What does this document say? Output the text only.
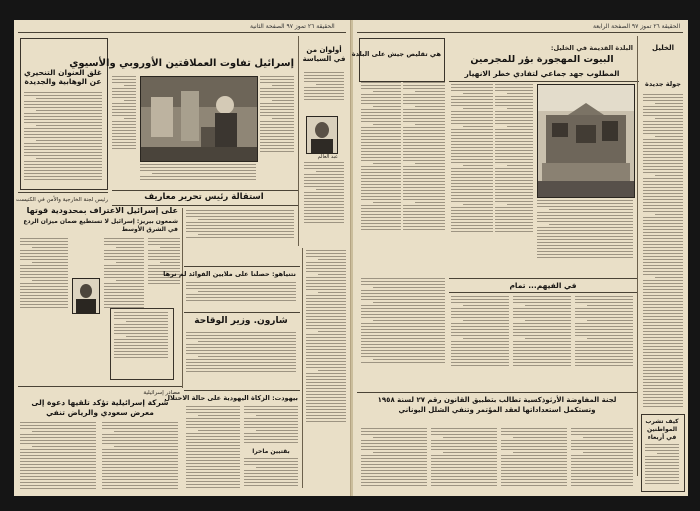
الحقيقة ٢٦ تموز ٩٧ الصفحة الثانية
غلق العنوان التنحيري عن الوهابية والجديدة
إسرائيل تفاوت العملاقتين الأوروبي والأسيوي
أولوان من في السياسة
عبد العالم
استقالة رئيس تحرير معاريف
رئيس لجنة الخارجية والأمن في الكنيست
على إسرائيل الاعتراف بمحدودية قوتها
شمعون بيريز: إسرائيل لا تستطيع ضمان ميزان الردع في الشرق الأوسط
نتنياهو: حصلنا على ملايين الفوائد لم نرها
شارون. وزير الوقاحة
مصادر إسرائيلية
شركة إسرائيلية تؤكد تلقيها دعوة إلى معرض سعودي والرياض تنفي
بيهودت: الزكاة اليهودية على حالة الاحتلال
بقتيين ماحرا
الحقيقة ٢٦ تموز ٩٧ الصفحة الرابعة
هي تقليص جيش على البلدة
البلدة القديمة في الخليل:
البيوت المهجورة بؤر للمجرمين
المطلوب جهد جماعي لتفادي خطر الانهيار
الخليل
جولة جديدة
في الفيهم... تمام
لجنة المفاوضة الأرثوذكسية تطالب بتطبيق القانون رقم ٢٧ لسنة ١٩٥٨ وتستكمل استعداداتها لعقد المؤتمر وتنفي الشلل اليوناني
كيف تشرب المواطنين في أربعاء
